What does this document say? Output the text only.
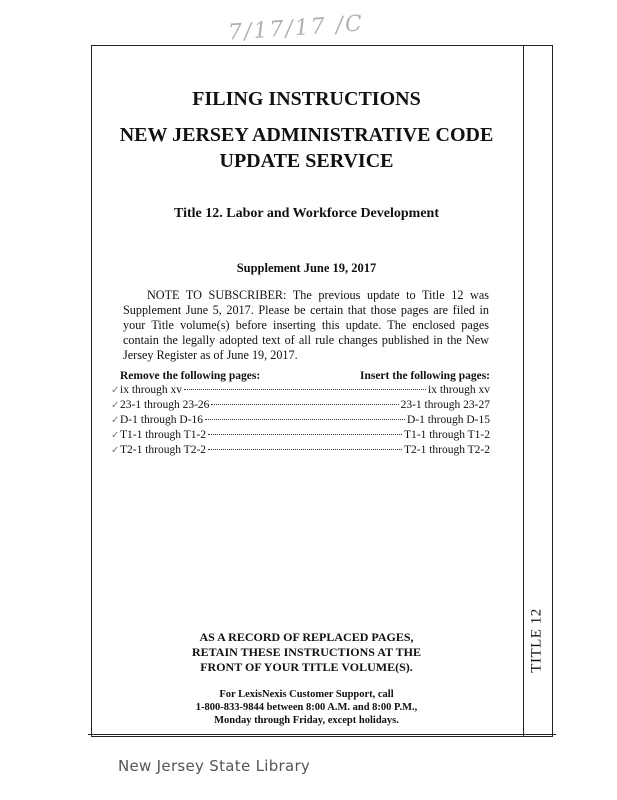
7/17/17 /C
TITLE 12
FILING INSTRUCTIONS
NEW JERSEY ADMINISTRATIVE CODE
UPDATE SERVICE
Title 12. Labor and Workforce Development
Supplement June 19, 2017
NOTE TO SUBSCRIBER: The previous update to Title 12 was Supplement June 5, 2017. Please be certain that those pages are filed in your Title volume(s) before inserting this update. The enclosed pages contain the legally adopted text of all rule changes published in the New Jersey Register as of June 19, 2017.
Remove the following pages:	Insert the following pages:
✓ ix through xv	ix through xv
✓ 23-1 through 23-26	23-1 through 23-27
✓ D-1 through D-16	D-1 through D-15
✓ T1-1 through T1-2	T1-1 through T1-2
✓ T2-1 through T2-2	T2-1 through T2-2
AS A RECORD OF REPLACED PAGES,
RETAIN THESE INSTRUCTIONS AT THE
FRONT OF YOUR TITLE VOLUME(S).
For LexisNexis Customer Support, call
1-800-833-9844 between 8:00 A.M. and 8:00 P.M.,
Monday through Friday, except holidays.
New Jersey State Library
